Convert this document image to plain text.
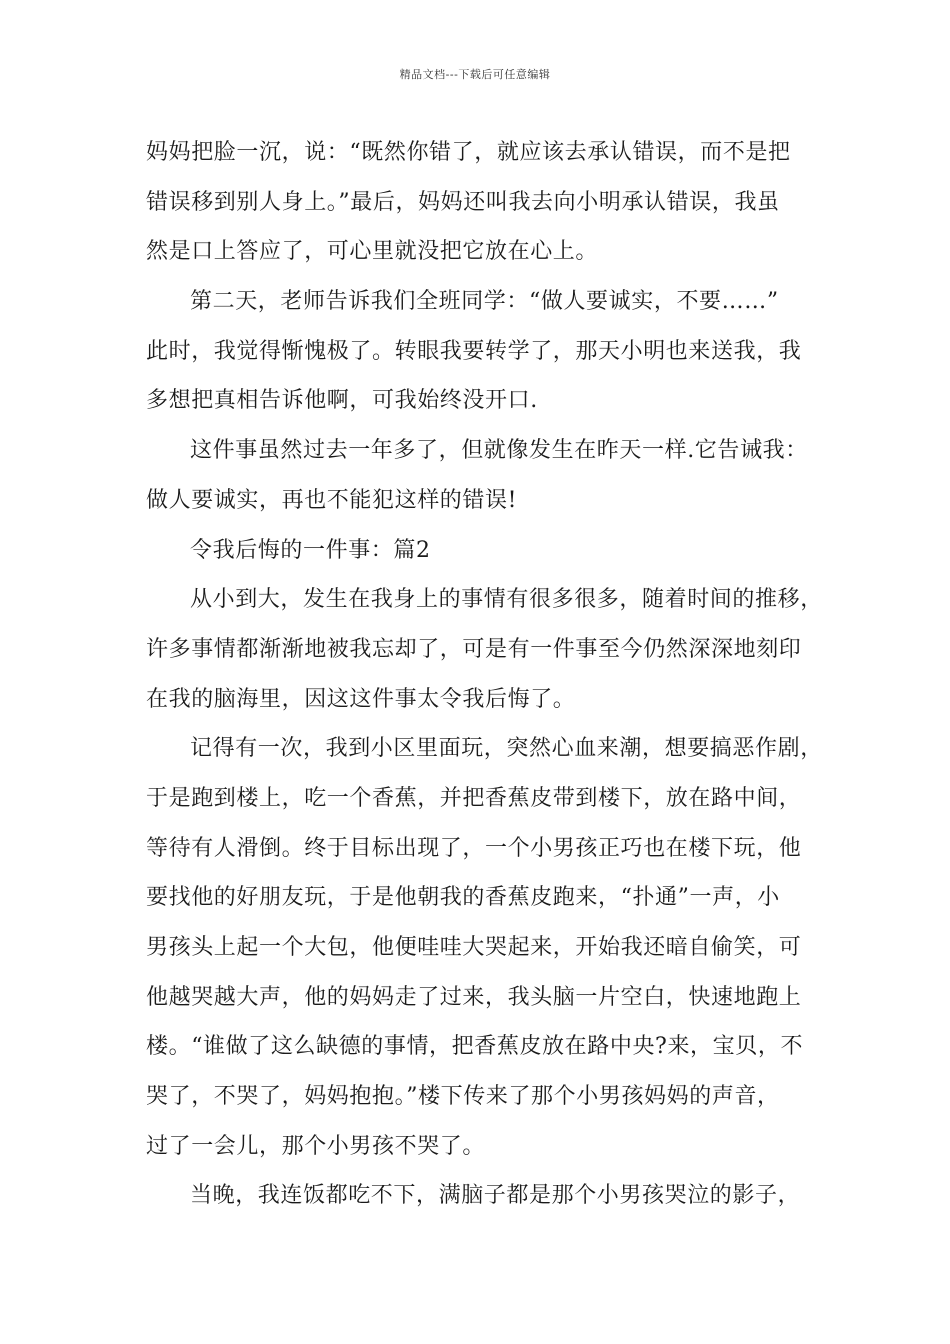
精品文档---下载后可任意编辑
妈妈把脸一沉，说：“既然你错了，就应该去承认错误，而不是把
错误移到别人身上。”最后，妈妈还叫我去向小明承认错误，我虽
然是口上答应了，可心里就没把它放在心上。
第二天，老师告诉我们全班同学：“做人要诚实，不要……”
此时，我觉得惭愧极了。转眼我要转学了，那天小明也来送我，我
多想把真相告诉他啊，可我始终没开口.
这件事虽然过去一年多了，但就像发生在昨天一样.它告诫我：
做人要诚实，再也不能犯这样的错误!
令我后悔的一件事：篇2
从小到大，发生在我身上的事情有很多很多，随着时间的推移，
许多事情都渐渐地被我忘却了，可是有一件事至今仍然深深地刻印
在我的脑海里，因这这件事太令我后悔了。
记得有一次，我到小区里面玩，突然心血来潮，想要搞恶作剧，
于是跑到楼上，吃一个香蕉，并把香蕉皮带到楼下，放在路中间，
等待有人滑倒。终于目标出现了，一个小男孩正巧也在楼下玩，他
要找他的好朋友玩，于是他朝我的香蕉皮跑来，“扑通”一声，小
男孩头上起一个大包，他便哇哇大哭起来，开始我还暗自偷笑，可
他越哭越大声，他的妈妈走了过来，我头脑一片空白，快速地跑上
楼。“谁做了这么缺德的事情，把香蕉皮放在路中央?来，宝贝，不
哭了，不哭了，妈妈抱抱。”楼下传来了那个小男孩妈妈的声音，
过了一会儿，那个小男孩不哭了。
当晚，我连饭都吃不下，满脑子都是那个小男孩哭泣的影子，
